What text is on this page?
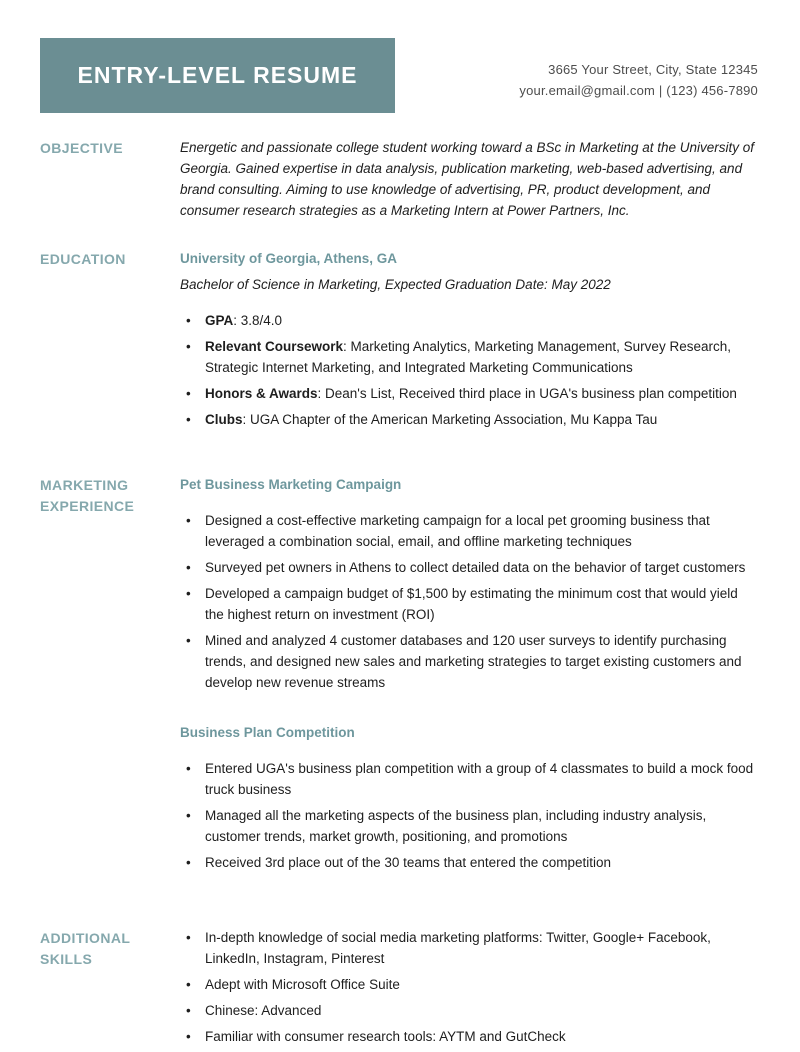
ENTRY-LEVEL RESUME	3665 Your Street, City, State 12345
your.email@gmail.com | (123) 456-7890
OBJECTIVE	Energetic and passionate college student working toward a BSc in Marketing at the University of Georgia. Gained expertise in data analysis, publication marketing, web-based advertising, and brand consulting. Aiming to use knowledge of advertising, PR, product development, and consumer research strategies as a Marketing Intern at Power Partners, Inc.

EDUCATION	University of Georgia, Athens, GA
Bachelor of Science in Marketing, Expected Graduation Date: May 2022
• GPA: 3.8/4.0
• Relevant Coursework: Marketing Analytics, Marketing Management, Survey Research, Strategic Internet Marketing, and Integrated Marketing Communications
• Honors & Awards: Dean's List, Received third place in UGA's business plan competition
• Clubs: UGA Chapter of the American Marketing Association, Mu Kappa Tau
MARKETING EXPERIENCE
Pet Business Marketing Campaign
• Designed a cost-effective marketing campaign for a local pet grooming business that leveraged a combination social, email, and offline marketing techniques
• Surveyed pet owners in Athens to collect detailed data on the behavior of target customers
• Developed a campaign budget of $1,500 by estimating the minimum cost that would yield the highest return on investment (ROI)
• Mined and analyzed 4 customer databases and 120 user surveys to identify purchasing trends, and designed new sales and marketing strategies to target existing customers and develop new revenue streams
Business Plan Competition
• Entered UGA's business plan competition with a group of 4 classmates to build a mock food truck business
• Managed all the marketing aspects of the business plan, including industry analysis, customer trends, market growth, positioning, and promotions
• Received 3rd place out of the 30 teams that entered the competition
ADDITIONAL SKILLS
• In-depth knowledge of social media marketing platforms: Twitter, Google+ Facebook, LinkedIn, Instagram, Pinterest
• Adept with Microsoft Office Suite
• Chinese: Advanced
• Familiar with consumer research tools: AYTM and GutCheck
